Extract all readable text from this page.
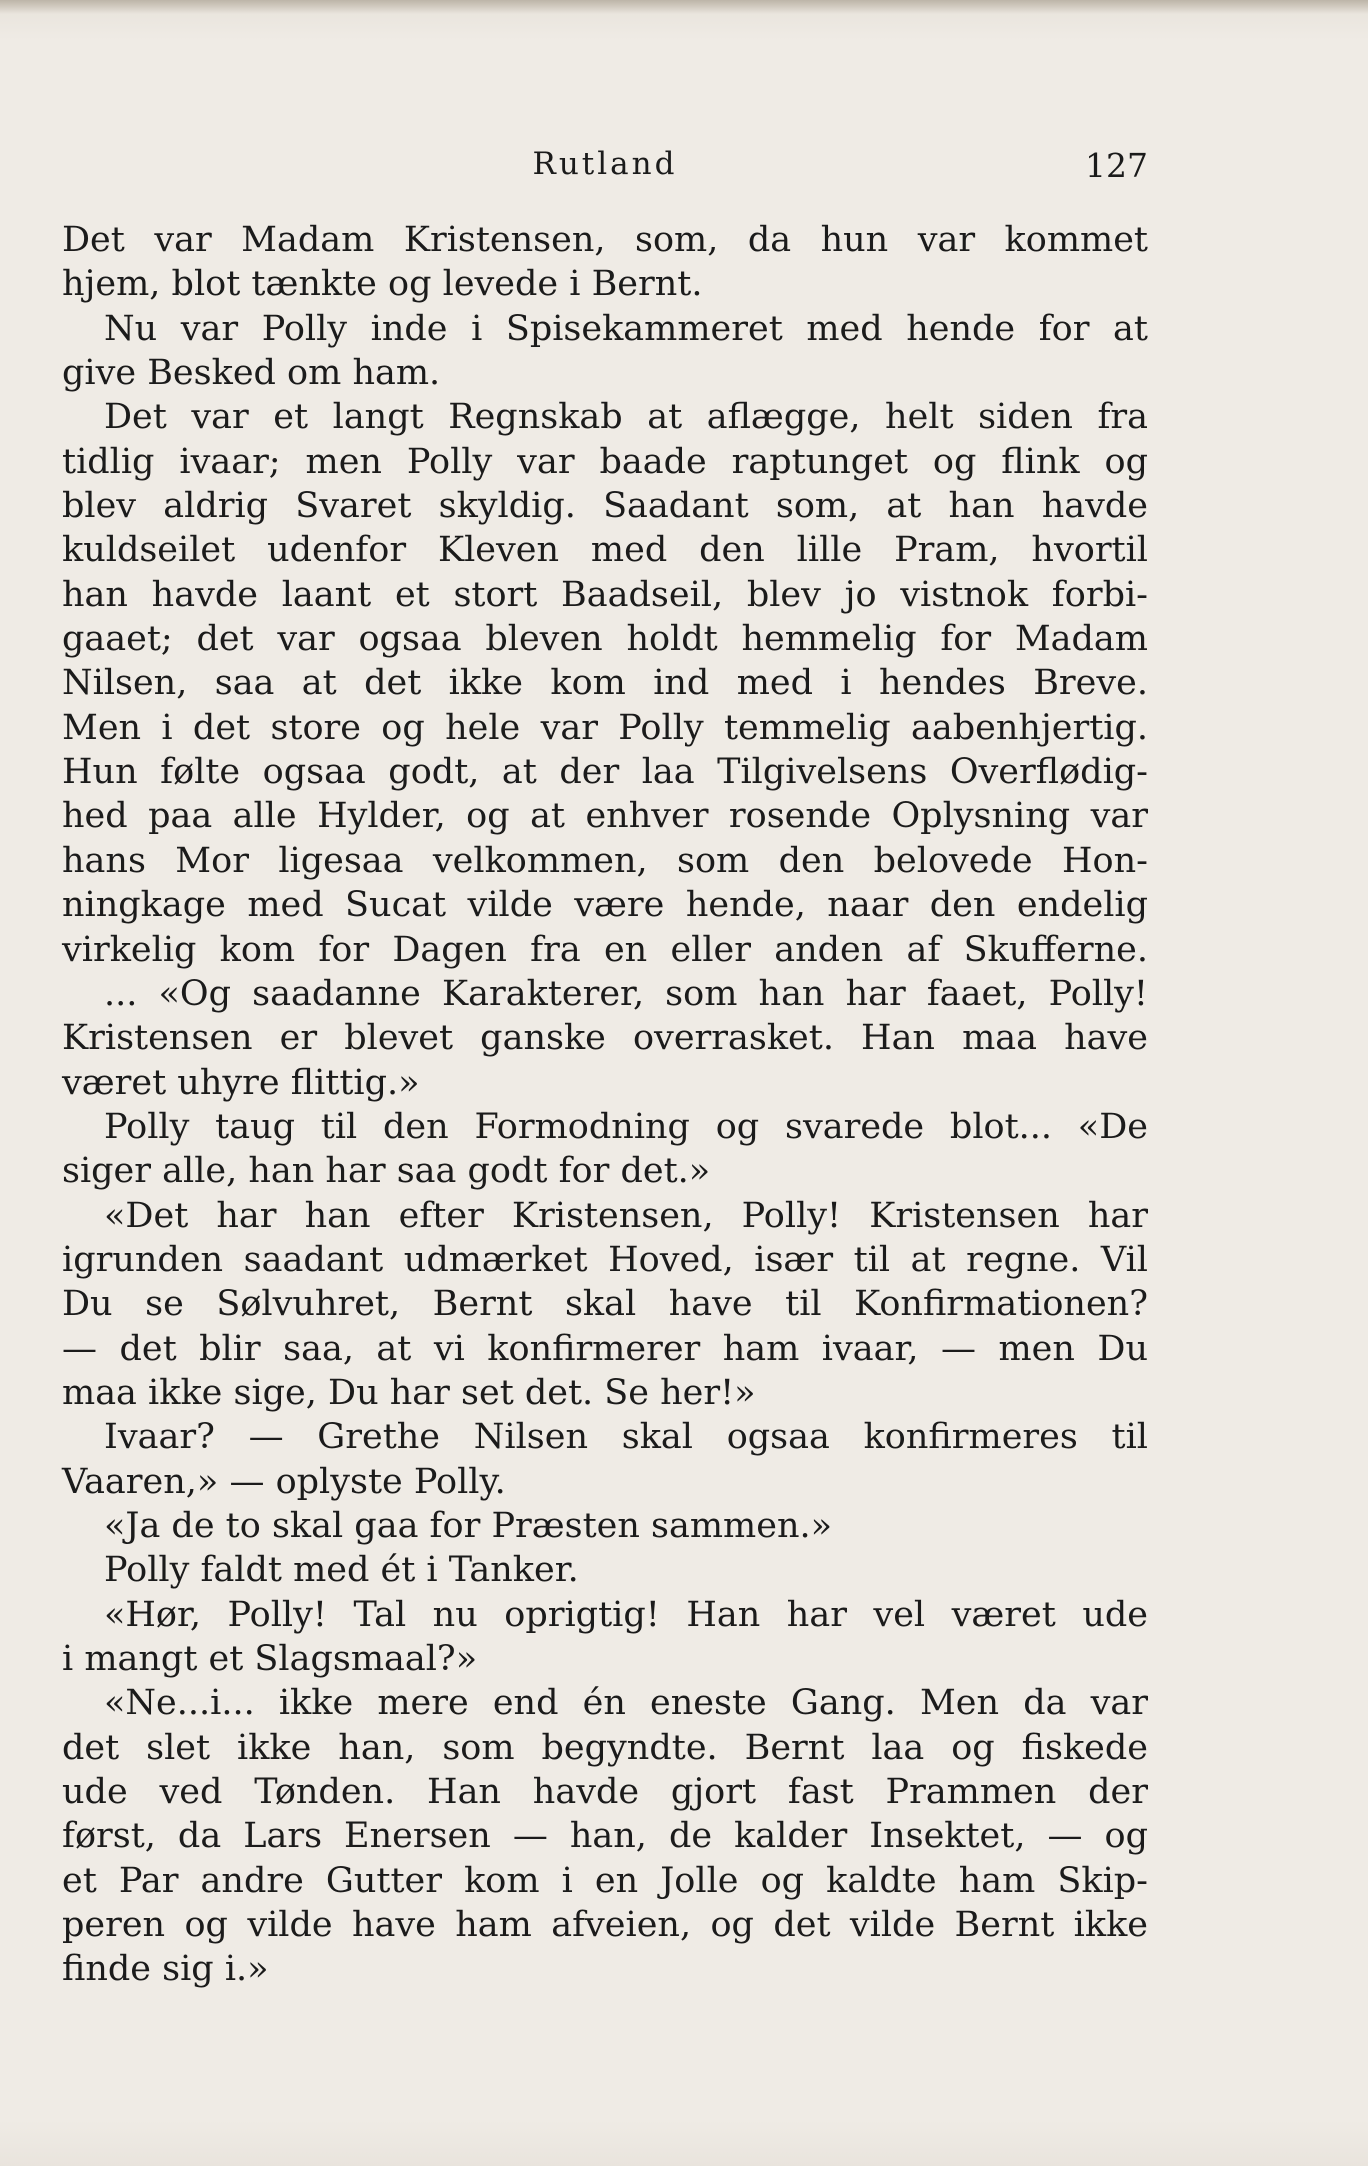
Rutland	127
Det var Madam Kristensen, som, da hun var kommet
hjem, blot tænkte og levede i Bernt.
Nu var Polly inde i Spisekammeret med hende for at
give Besked om ham.
Det var et langt Regnskab at aflægge, helt siden fra
tidlig ivaar; men Polly var baade raptunget og flink og
blev aldrig Svaret skyldig. Saadant som, at han havde
kuldseilet udenfor Kleven med den lille Pram, hvortil
han havde laant et stort Baadseil, blev jo vistnok forbi-
gaaet; det var ogsaa bleven holdt hemmelig for Madam
Nilsen, saa at det ikke kom ind med i hendes Breve.
Men i det store og hele var Polly temmelig aabenhjertig.
Hun følte ogsaa godt, at der laa Tilgivelsens Overflødig-
hed paa alle Hylder, og at enhver rosende Oplysning var
hans Mor ligesaa velkommen, som den belovede Hon-
ningkage med Sucat vilde være hende, naar den endelig
virkelig kom for Dagen fra en eller anden af Skufferne.
... «Og saadanne Karakterer, som han har faaet, Polly!
Kristensen er blevet ganske overrasket. Han maa have
været uhyre flittig.»
Polly taug til den Formodning og svarede blot... «De
siger alle, han har saa godt for det.»
«Det har han efter Kristensen, Polly! Kristensen har
igrunden saadant udmærket Hoved, især til at regne. Vil
Du se Sølvuhret, Bernt skal have til Konfirmationen?
— det blir saa, at vi konfirmerer ham ivaar, — men Du
maa ikke sige, Du har set det. Se her!»
Ivaar? — Grethe Nilsen skal ogsaa konfirmeres til
Vaaren,» — oplyste Polly.
«Ja de to skal gaa for Præsten sammen.»
Polly faldt med ét i Tanker.
«Hør, Polly! Tal nu oprigtig! Han har vel været ude
i mangt et Slagsmaal?»
«Ne...i... ikke mere end én eneste Gang. Men da var
det slet ikke han, som begyndte. Bernt laa og fiskede
ude ved Tønden. Han havde gjort fast Prammen der
først, da Lars Enersen — han, de kalder Insektet, — og
et Par andre Gutter kom i en Jolle og kaldte ham Skip-
peren og vilde have ham afveien, og det vilde Bernt ikke
finde sig i.»
